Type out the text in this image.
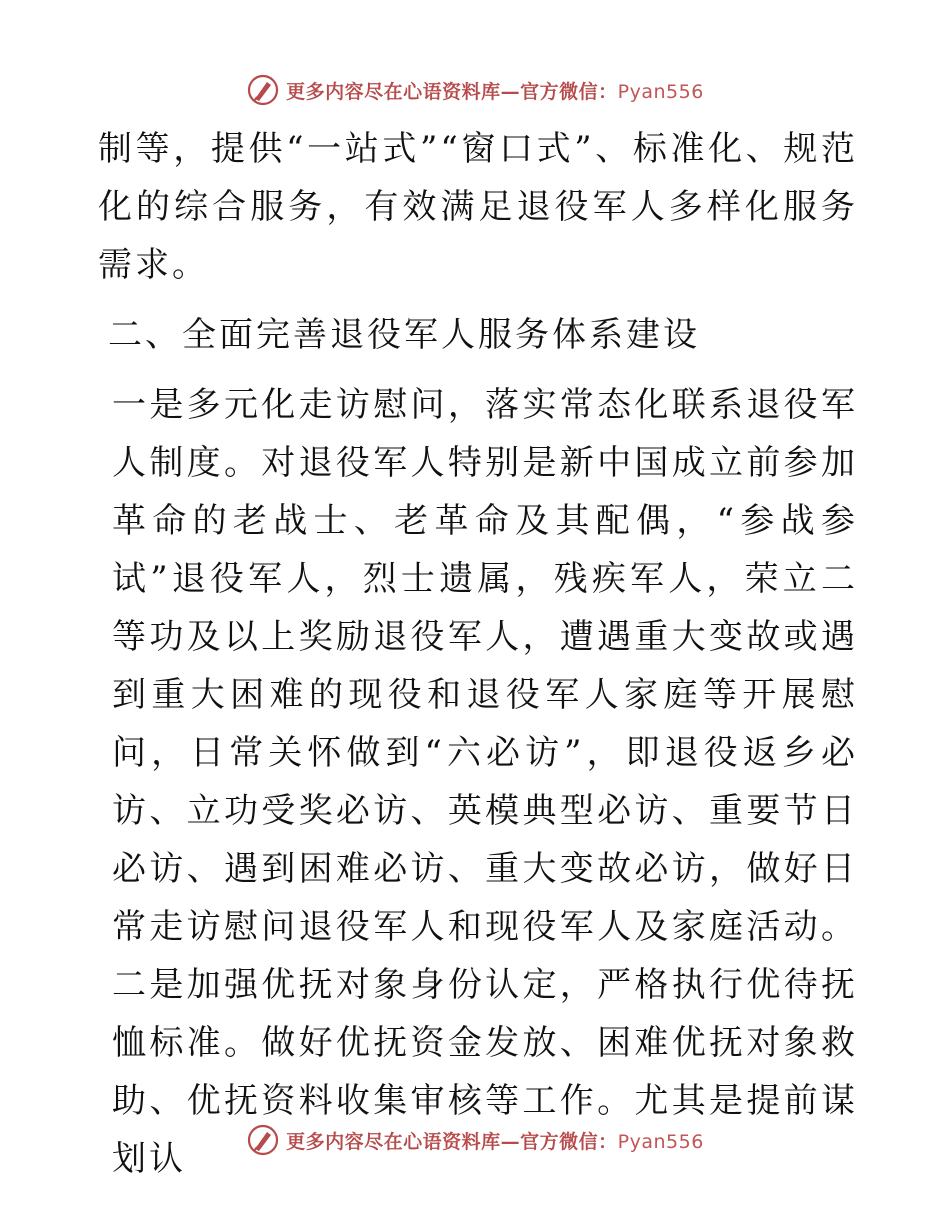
更多内容尽在心语资料库—官方微信：Pyan556

制等，提供“一站式”“窗口式”、标准化、规范化的综合服务，有效满足退役军人多样化服务需求。

二、全面完善退役军人服务体系建设

一是多元化走访慰问，落实常态化联系退役军人制度。对退役军人特别是新中国成立前参加革命的老战士、老革命及其配偶，“参战参试”退役军人，烈士遗属，残疾军人，荣立二等功及以上奖励退役军人，遭遇重大变故或遇到重大困难的现役和退役军人家庭等开展慰问，日常关怀做到“六必访”，即退役返乡必访、立功受奖必访、英模典型必访、重要节日必访、遇到困难必访、重大变故必访，做好日常走访慰问退役军人和现役军人及家庭活动。二是加强优抚对象身份认定，严格执行优待抚恤标准。做好优抚资金发放、困难优抚对象救助、优抚资料收集审核等工作。尤其是提前谋划认	更多内容尽在心语资料库—官方微信：Pyan556
